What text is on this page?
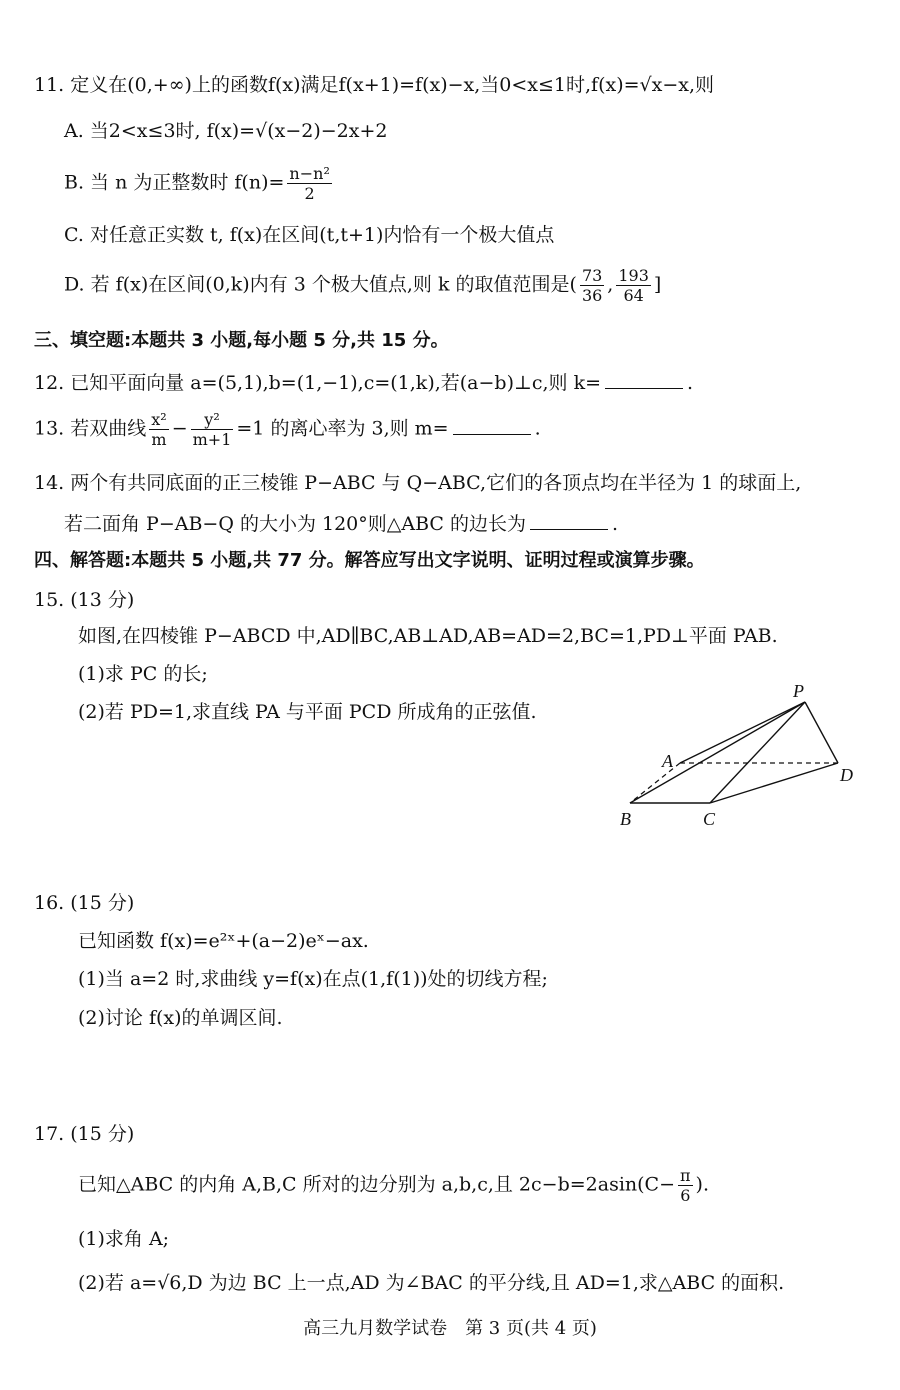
11. 定义在(0,+∞)上的函数f(x)满足f(x+1)=f(x)−x,当0<x≤1时,f(x)=√x−x,则
A. 当2<x≤3时, f(x)=√(x−2)−2x+2
B. 当 n 为正整数时 $f(n)= \frac{\text{n−n²}}{2}$
C. 对任意正实数 t, f(x)在区间(t,t+1)内恰有一个极大值点
D. 若 f(x)在区间(0,k)内有 3 个极大值点,则 k 的取值范围是( $\frac{73}{36}$ , $\frac{193}{64}$ ]
三、填空题:本题共 3 小题,每小题 5 分,共 15 分。
12. 已知平面向量 a=(5,1),b=(1,−1),c=(1,k),若(a−b)⊥c,则 k=	.
13. 若双曲线 $\frac{\text{x²}}{m} - \frac{\text{y²}}{m+1} =1$ 的离心率为 3,则 m=	.
14. 两个有共同底面的正三棱锥 P−ABC 与 Q−ABC,它们的各顶点均在半径为 1 的球面上,
若二面角 P−AB−Q 的大小为 120°则△ABC 的边长为	.
四、解答题:本题共 5 小题,共 77 分。解答应写出文字说明、证明过程或演算步骤。
15. (13 分)
如图,在四棱锥 P−ABCD 中,AD∥BC,AB⊥AD,AB=AD=2,BC=1,PD⊥平面 PAB.
(1)求 PC 的长;
(2)若 PD=1,求直线 PA 与平面 PCD 所成角的正弦值.
P
A
B	C
D
16. (15 分)
已知函数 f(x)=e²ˣ+(a−2)eˣ−ax.
(1)当 a=2 时,求曲线 y=f(x)在点(1,f(1))处的切线方程;
(2)讨论 f(x)的单调区间.
17. (15 分)
已知△ABC 的内角 A,B,C 所对的边分别为 a,b,c,且 $2c-b=2asin(C- \frac{\pi}{6}$ ).
(1)求角 A;
(2)若 a=√6,D 为边 BC 上一点,AD 为∠BAC 的平分线,且 AD=1,求△ABC 的面积.
高三九月数学试卷　第 3 页(共 4 页)
